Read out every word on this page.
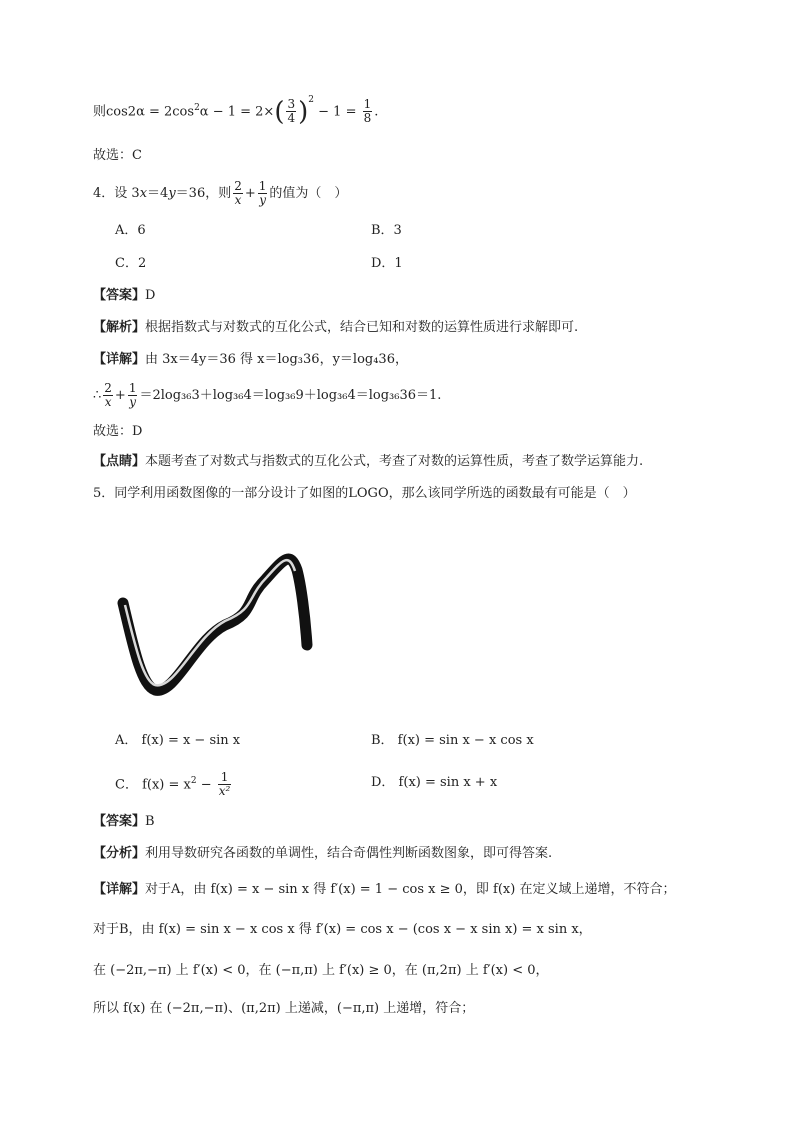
则$\cos 2\alpha = 2\cos^2\alpha - 1 = 2\times( \frac{3}{4} )^2 - 1 = \frac{1}{8}$ .
故选：C
4．设 3x＝4y＝36，则 $\frac{2}{x} + \frac{1}{y}$ 的值为（　）
A．6	B．3
C．2	D．1
【答案】D
【解析】根据指数式与对数式的互化公式，结合已知和对数的运算性质进行求解即可.
【详解】由 3x＝4y＝36 得 x＝log₃36，y＝log₄36，
∴ $\frac{2}{x} + \frac{1}{y} =2\log_{36}3+\log_{36}4=\log_{36}9+\log_{36}4=\log_{36}36=1$.
故选：D
【点睛】本题考查了对数式与指数式的互化公式，考查了对数的运算性质，考查了数学运算能力.
5．同学利用函数图像的一部分设计了如图的LOGO，那么该同学所选的函数最有可能是（　）
A． f(x) = x − sin x	B． f(x) = sin x − x cos x
C． $f(x) = x^2 - \frac{1}{\text{x²}}$	D． f(x) = sin x + x
【答案】B
【分析】利用导数研究各函数的单调性，结合奇偶性判断函数图象，即可得答案.
【详解】对于A，由 f(x) = x − sin x 得 f′(x) = 1 − cos x ≥ 0，即 f(x) 在定义域上递增，不符合；
对于B，由 f(x) = sin x − x cos x 得 f′(x) = cos x − (cos x − x sin x) = x sin x，
在 (−2π,−π) 上 f′(x) < 0，在 (−π,π) 上 f′(x) ≥ 0，在 (π,2π) 上 f′(x) < 0，
所以 f(x) 在 (−2π,−π)、(π,2π) 上递减，(−π,π) 上递增，符合；
